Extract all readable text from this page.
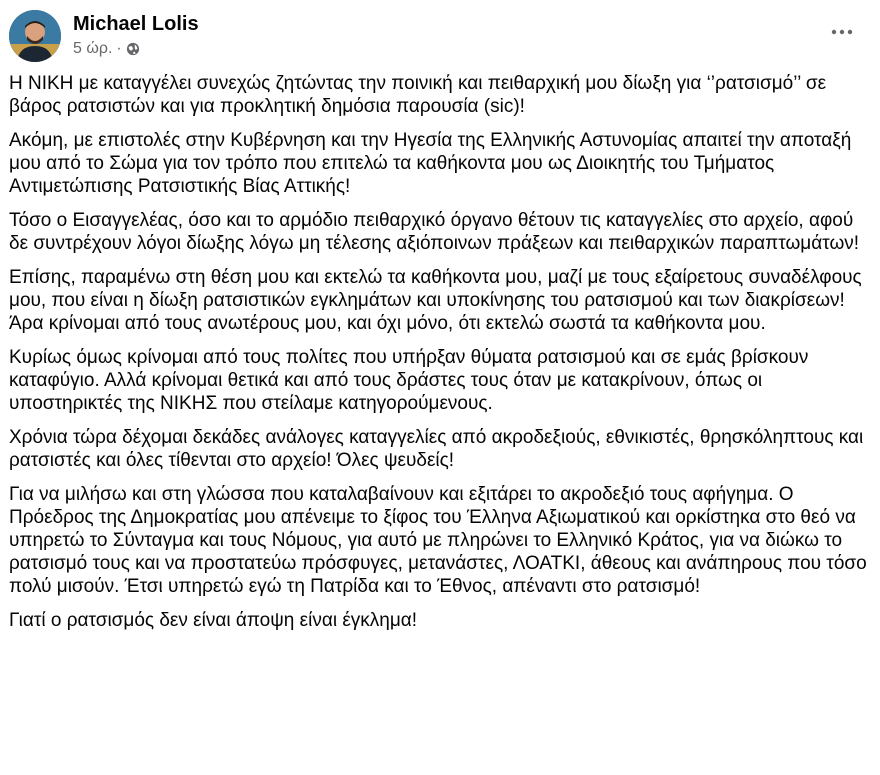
Michael Lolis
5 ώρ. ·

Η ΝΙΚΗ με καταγγέλει συνεχώς ζητώντας την ποινική και πειθαρχική μου δίωξη για ‘’ρατσισμό’’ σε βάρος ρατσιστών και για προκλητική δημόσια παρουσία (sic)!

Ακόμη, με επιστολές στην Κυβέρνηση και την Ηγεσία της Ελληνικής Αστυνομίας απαιτεί την αποταξή μου από το Σώμα για τον τρόπο που επιτελώ τα καθήκοντα μου ως Διοικητής του Τμήματος Αντιμετώπισης Ρατσιστικής Βίας Αττικής!

Τόσο ο Εισαγγελέας, όσο και το αρμόδιο πειθαρχικό όργανο θέτουν τις καταγγελίες στο αρχείο, αφού δε συντρέχουν λόγοι δίωξης λόγω μη τέλεσης αξιόποινων πράξεων και πειθαρχικών παραπτωμάτων!

Επίσης, παραμένω στη θέση μου και εκτελώ τα καθήκοντα μου, μαζί με τους εξαίρετους συναδέλφους μου, που είναι η δίωξη ρατσιστικών εγκλημάτων και υποκίνησης του ρατσισμού και των διακρίσεων! Άρα κρίνομαι από τους ανωτέρους μου, και όχι μόνο, ότι εκτελώ σωστά τα καθήκοντα μου.

Κυρίως όμως κρίνομαι από τους πολίτες που υπήρξαν θύματα ρατσισμού και σε εμάς βρίσκουν καταφύγιο. Αλλά κρίνομαι θετικά και από τους δράστες τους όταν με κατακρίνουν, όπως οι υποστηρικτές της ΝΙΚΗΣ που στείλαμε κατηγορούμενους.

Χρόνια τώρα δέχομαι δεκάδες ανάλογες καταγγελίες από ακροδεξιούς, εθνικιστές, θρησκόληπτους και ρατσιστές και όλες τίθενται στο αρχείο! Όλες ψευδείς!

Για να μιλήσω και στη γλώσσα που καταλαβαίνουν και εξιτάρει το ακροδεξιό τους αφήγημα. Ο Πρόεδρος της Δημοκρατίας μου απένειμε το ξίφος του Έλληνα Αξιωματικού και ορκίστηκα στο θεό να υπηρετώ το Σύνταγμα και τους Νόμους, για αυτό με πληρώνει το Ελληνικό Κράτος, για να διώκω το ρατσισμό τους και να προστατεύω πρόσφυγες, μετανάστες, ΛΟΑΤΚΙ, άθεους και ανάπηρους που τόσο πολύ μισούν. Έτσι υπηρετώ εγώ τη Πατρίδα και το Έθνος, απέναντι στο ρατσισμό!

Γιατί ο ρατσισμός δεν είναι άποψη είναι έγκλημα!
